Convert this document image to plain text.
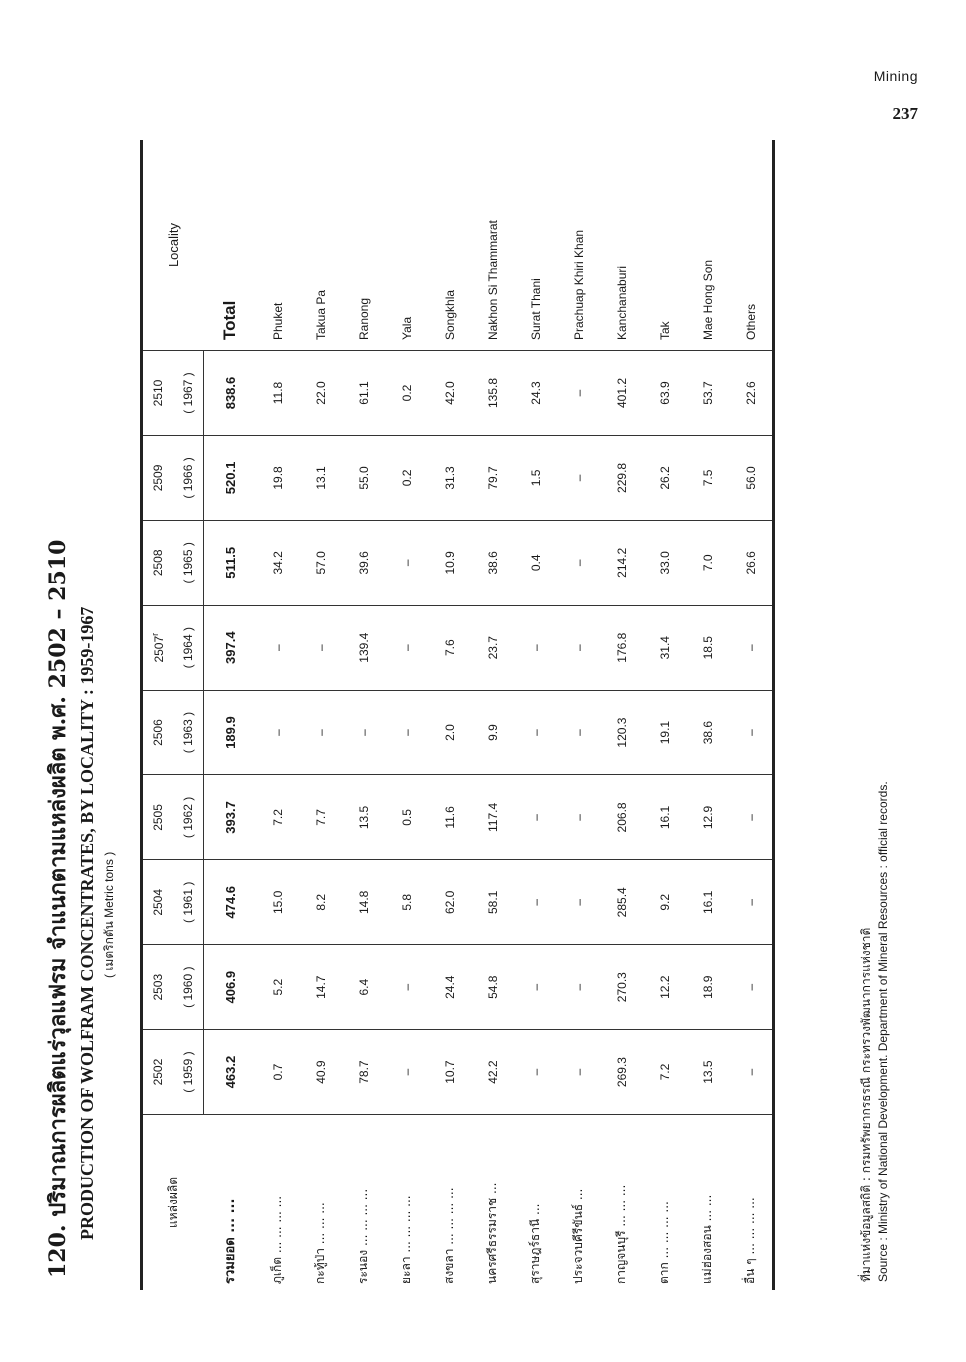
Mining
237
120. ปริมาณการผลิตแร่วุลแฟรม จำแนกตามแหล่งผลิต พ.ศ. 2502 – 2510 PRODUCTION OF WOLFRAM CONCENTRATES, BY LOCALITY : 1959-1967 ( เมตริกตัน Metric tons )
แหล่งผลิต	2502	2503	2504	2505	2506	2507$^r$	2508	2509	2510	Locality
	( 1959 )	( 1960 )	( 1961 )	( 1962 )	( 1963 )	( 1964 )	( 1965 )	( 1966 )	( 1967 )	
รวมยอด ... ...	463.2	406.9	474.6	393.7	189.9	397.4	511.5	520.1	838.6	Total
ภูเก็ต ... ... ... ...	0.7	5.2	15.0	7.2	–	–	34.2	19.8	11.8	Phuket
กะทู้ป่า ... ... ...	40.9	14.7	8.2	7.7	–	–	57.0	13.1	22.0	Takua Pa
ระนอง ... ... ... ...	78.7	6.4	14.8	13.5	–	139.4	39.6	55.0	61.1	Ranong
ยะลา ... ... ... ...	–	–	5.8	0.5	–	–	–	0.2	0.2	Yala
สงขลา ... ... ... ...	10.7	24.4	62.0	11.6	2.0	7.6	10.9	31.3	42.0	Songkhla
นครศรีธรรมราช ...	42.2	54.8	58.1	117.4	9.9	23.7	38.6	79.7	135.8	Nakhon Si Thammarat
สุราษฎร์ธานี ...	–	–	–	–	–	–	0.4	1.5	24.3	Surat Thani
ประจวบคีรีขันธ์ ...	–	–	–	–	–	–	–	–	–	Prachuap Khiri Khan
กาญจนบุรี ... ... ...	269.3	270.3	285.4	206.8	120.3	176.8	214.2	229.8	401.2	Kanchanaburi
ตาก ... ... ... ...	7.2	12.2	9.2	16.1	19.1	31.4	33.0	26.2	63.9	Tak
แม่ฮ่องสอน ... ...	13.5	18.9	16.1	12.9	38.6	18.5	7.0	7.5	53.7	Mae Hong Son
อื่น ๆ ... ... ... ...	–	–	–	–	–	–	26.6	56.0	22.6	Others
ที่มาแห่งข้อมูลสถิติ : กรมทรัพยากรธรณี กระทรวงพัฒนาการแห่งชาติ Source : Ministry of National Development. Department of Mineral Resources : official records.
